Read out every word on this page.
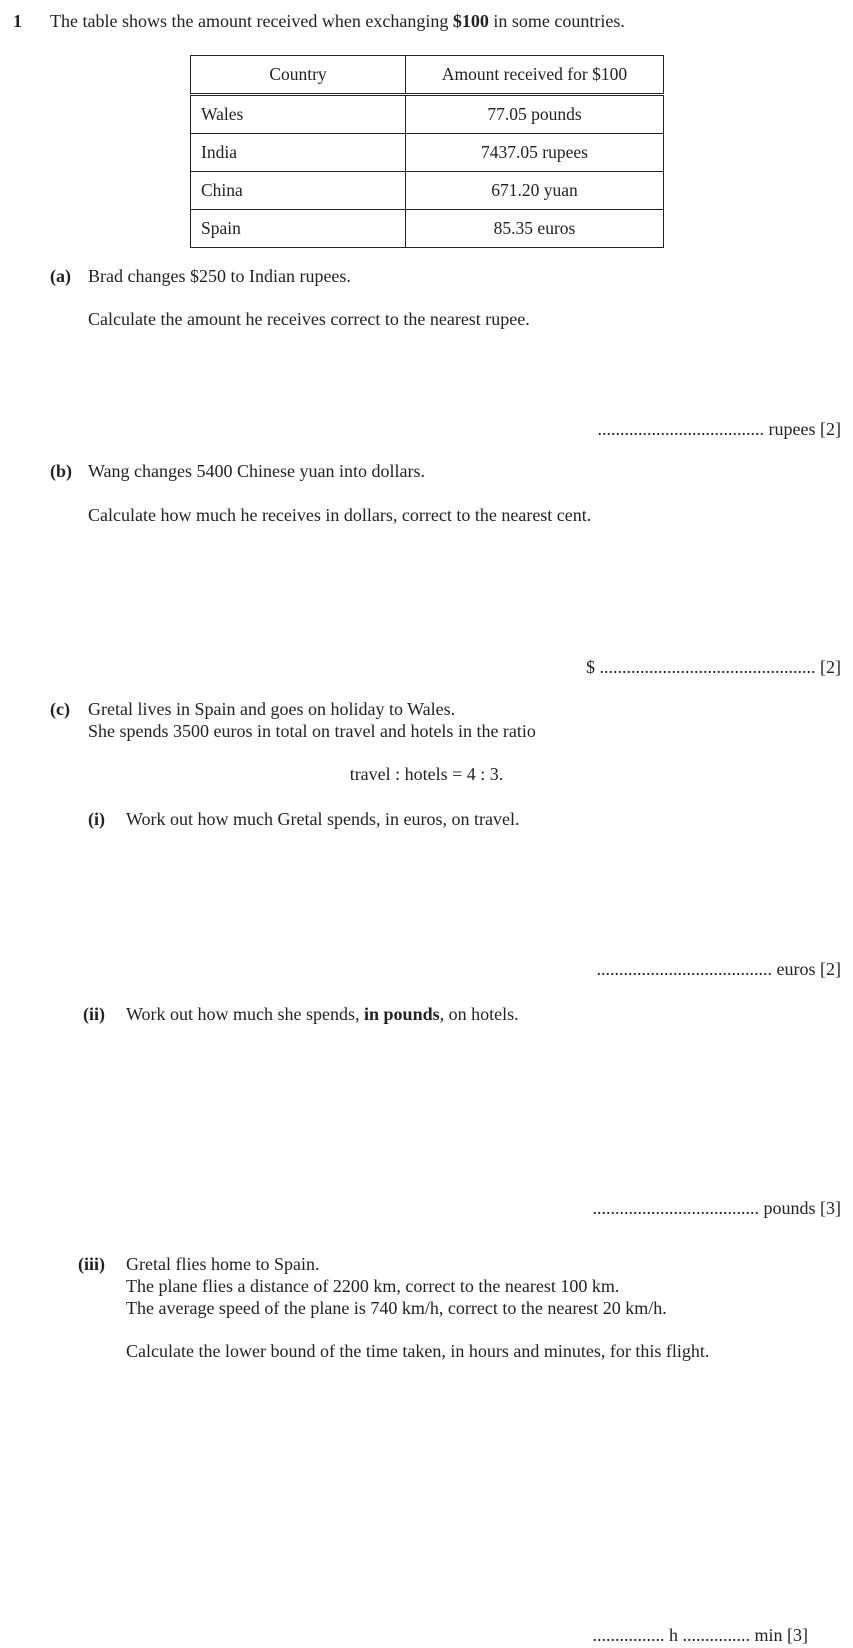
1 The table shows the amount received when exchanging $100 in some countries.
Country	Amount received for $100
Wales	77.05 pounds
India	7437.05 rupees
China	671.20 yuan
Spain	85.35 euros
(a) Brad changes $250 to Indian rupees.
Calculate the amount he receives correct to the nearest rupee.
..................................... rupees [2]
(b) Wang changes 5400 Chinese yuan into dollars.
Calculate how much he receives in dollars, correct to the nearest cent.
$ ................................................ [2]
(c) Gretal lives in Spain and goes on holiday to Wales.
She spends 3500 euros in total on travel and hotels in the ratio
travel : hotels = 4 : 3.
(i) Work out how much Gretal spends, in euros, on travel.
....................................... euros [2]
(ii) Work out how much she spends, in pounds, on hotels.
..................................... pounds [3]
(iii) Gretal flies home to Spain.
The plane flies a distance of 2200 km, correct to the nearest 100 km.
The average speed of the plane is 740 km/h, correct to the nearest 20 km/h.
Calculate the lower bound of the time taken, in hours and minutes, for this flight.
................ h ............... min [3]
